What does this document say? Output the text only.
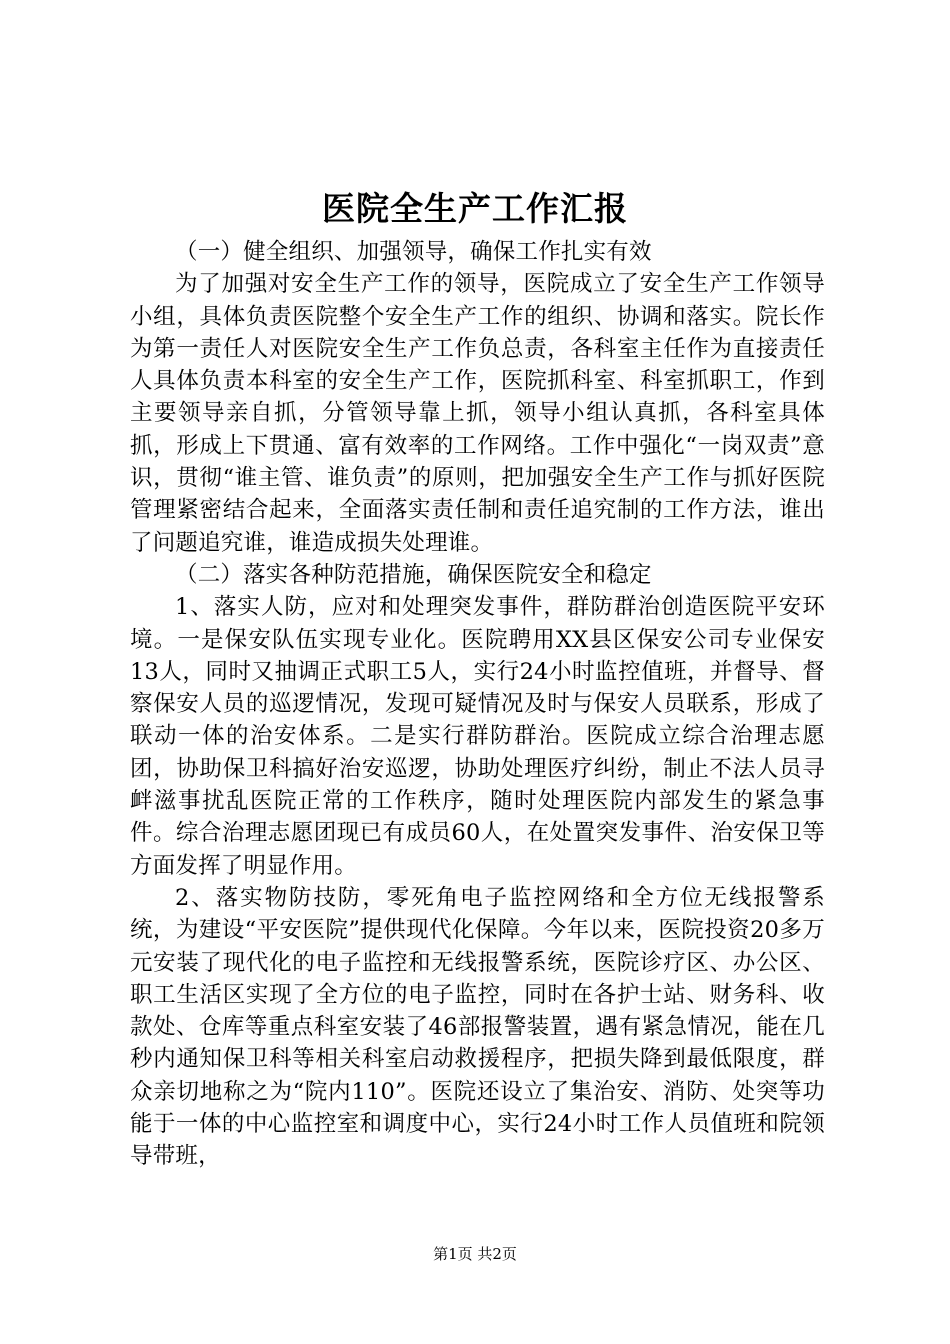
医院全生产工作汇报

（一）健全组织、加强领导，确保工作扎实有效

为了加强对安全生产工作的领导，医院成立了安全生产工作领导小组，具体负责医院整个安全生产工作的组织、协调和落实。院长作为第一责任人对医院安全生产工作负总责，各科室主任作为直接责任人具体负责本科室的安全生产工作，医院抓科室、科室抓职工，作到主要领导亲自抓，分管领导靠上抓，领导小组认真抓，各科室具体抓，形成上下贯通、富有效率的工作网络。工作中强化“一岗双责”意识，贯彻“谁主管、谁负责”的原则，把加强安全生产工作与抓好医院管理紧密结合起来，全面落实责任制和责任追究制的工作方法，谁出了问题追究谁，谁造成损失处理谁。

（二）落实各种防范措施，确保医院安全和稳定

1、落实人防，应对和处理突发事件，群防群治创造医院平安环境。一是保安队伍实现专业化。医院聘用XX县区保安公司专业保安13人，同时又抽调正式职工5人，实行24小时监控值班，并督导、督察保安人员的巡逻情况，发现可疑情况及时与保安人员联系，形成了联动一体的治安体系。二是实行群防群治。医院成立综合治理志愿团，协助保卫科搞好治安巡逻，协助处理医疗纠纷，制止不法人员寻衅滋事扰乱医院正常的工作秩序，随时处理医院内部发生的紧急事件。综合治理志愿团现已有成员60人，在处置突发事件、治安保卫等方面发挥了明显作用。

2、落实物防技防，零死角电子监控网络和全方位无线报警系统，为建设“平安医院”提供现代化保障。今年以来，医院投资20多万元安装了现代化的电子监控和无线报警系统，医院诊疗区、办公区、职工生活区实现了全方位的电子监控，同时在各护士站、财务科、收款处、仓库等重点科室安装了46部报警装置，遇有紧急情况，能在几秒内通知保卫科等相关科室启动救援程序，把损失降到最低限度，群众亲切地称之为“院内110”。医院还设立了集治安、消防、处突等功能于一体的中心监控室和调度中心，实行24小时工作人员值班和院领导带班，

第1页 共2页
